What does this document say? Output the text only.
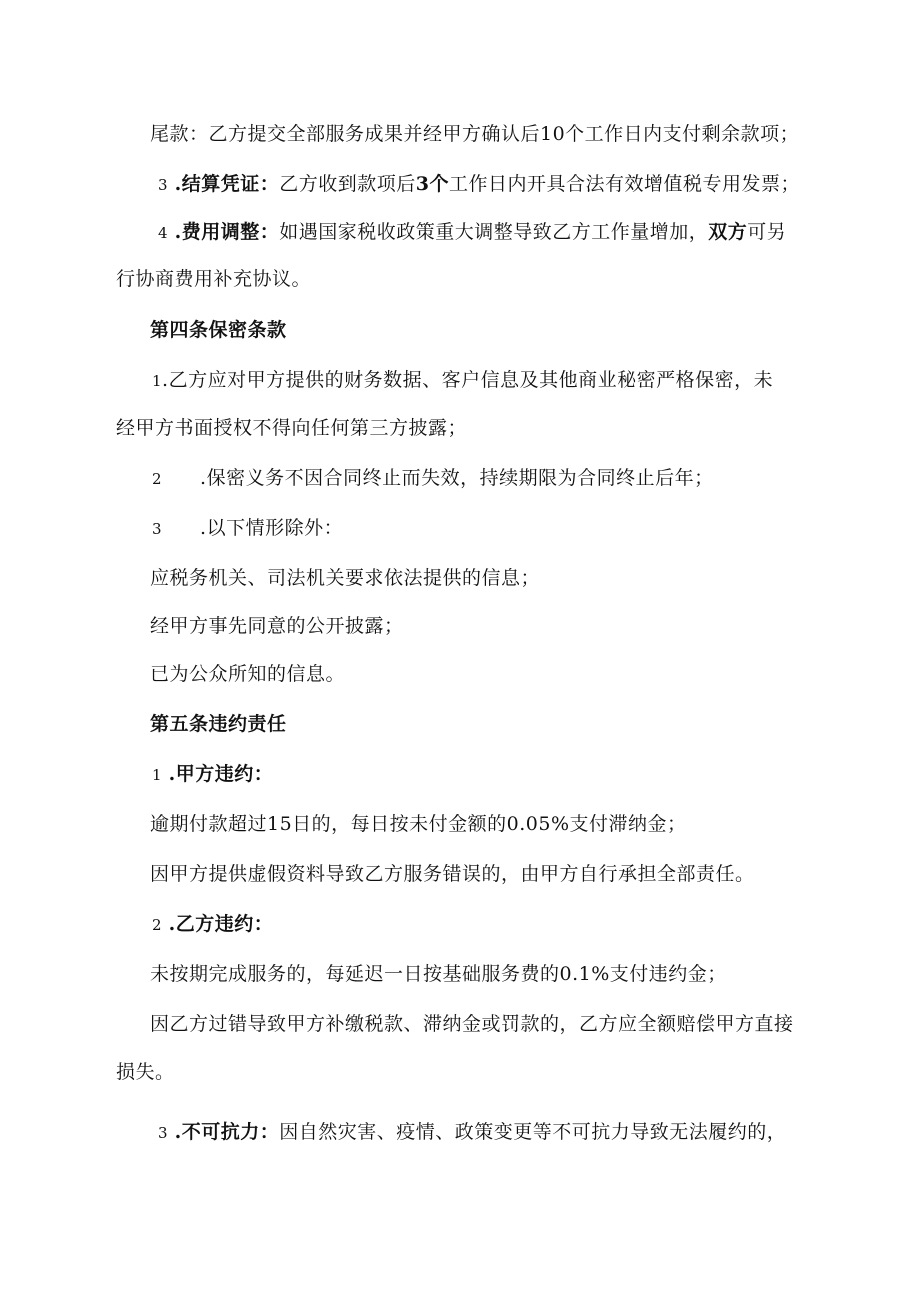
尾款：乙方提交全部服务成果并经甲方确认后10个工作日内支付剩余款项；
3 .结算凭证：乙方收到款项后3个工作日内开具合法有效增值税专用发票；
4 .费用调整：如遇国家税收政策重大调整导致乙方工作量增加，双方可另
行协商费用补充协议。
第四条保密条款
1.乙方应对甲方提供的财务数据、客户信息及其他商业秘密严格保密，未
经甲方书面授权不得向任何第三方披露；
2 .保密义务不因合同终止而失效，持续期限为合同终止后年；
3 .以下情形除外：
应税务机关、司法机关要求依法提供的信息；
经甲方事先同意的公开披露；
已为公众所知的信息。
第五条违约责任
1 .甲方违约：
逾期付款超过15日的，每日按未付金额的0.05%支付滞纳金；
因甲方提供虚假资料导致乙方服务错误的，由甲方自行承担全部责任。
2 .乙方违约：
未按期完成服务的，每延迟一日按基础服务费的0.1%支付违约金；
因乙方过错导致甲方补缴税款、滞纳金或罚款的，乙方应全额赔偿甲方直接
损失。
3 .不可抗力：因自然灾害、疫情、政策变更等不可抗力导致无法履约的，
